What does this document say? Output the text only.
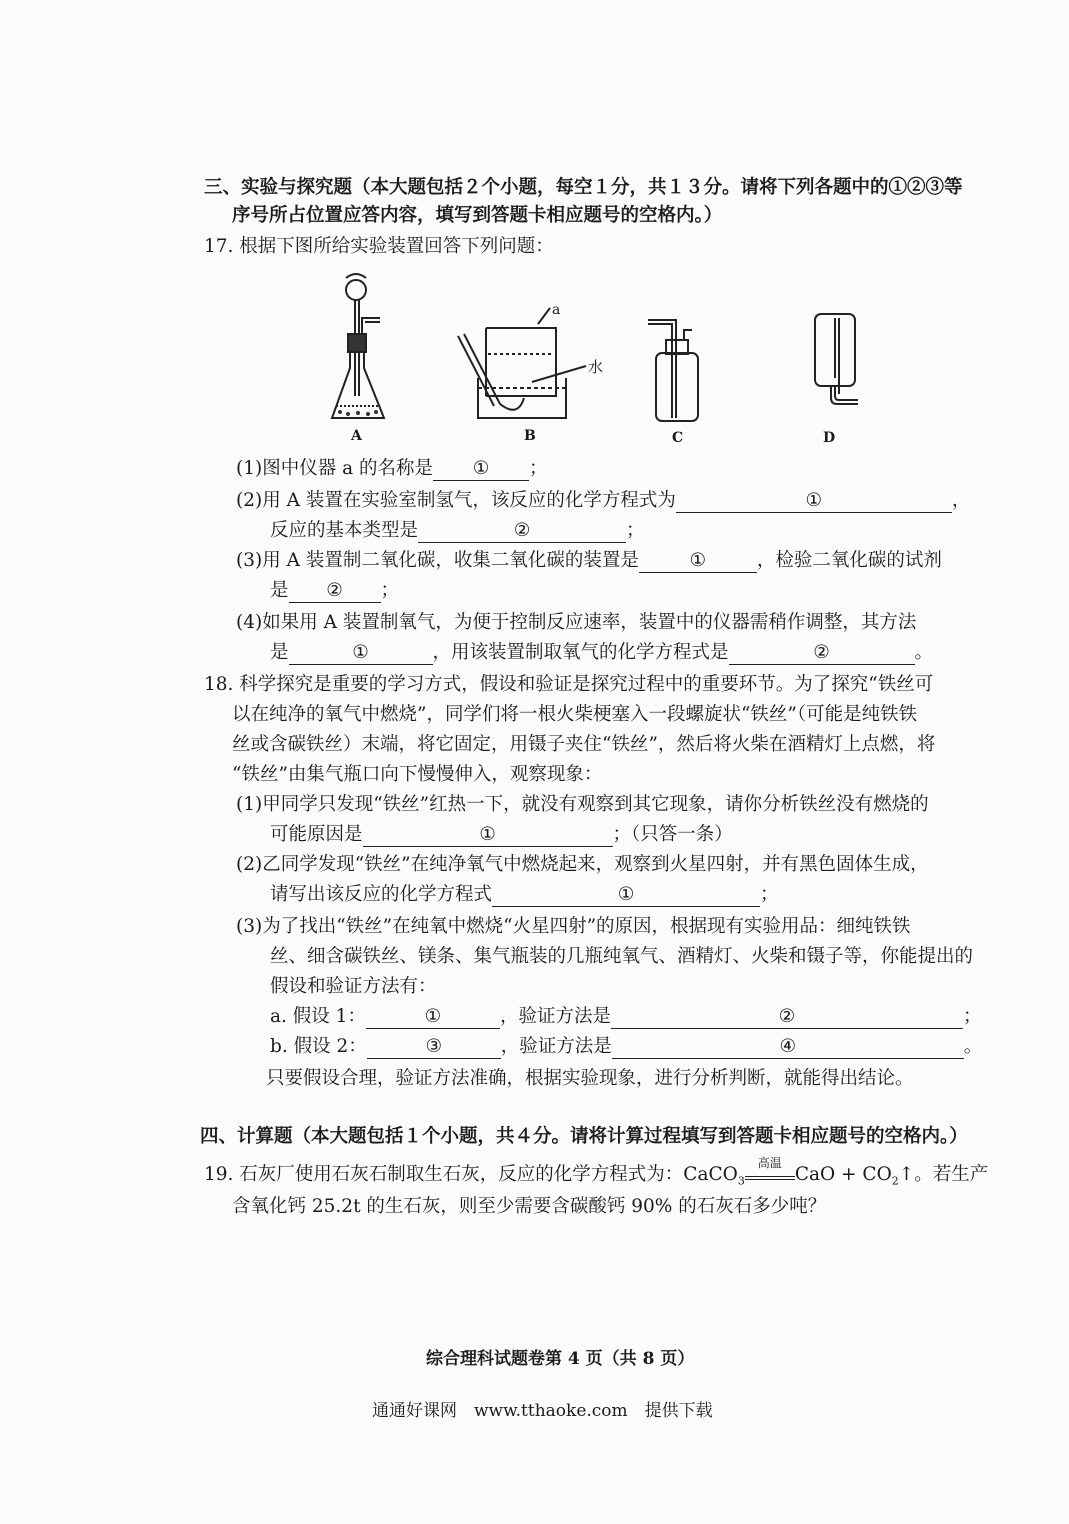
三、实验与探究题（本大题包括２个小题，每空１分，共１３分。请将下列各题中的①②③等
序号所占位置应答内容，填写到答题卡相应题号的空格内。）
17. 根据下图所给实验装置回答下列问题：
A	B	C	D
a
水
(1)图中仪器 a 的名称是 ① ；
(2)用 A 装置在实验室制氢气，该反应的化学方程式为	①	，
反应的基本类型是	②	；
(3)用 A 装置制二氧化碳，收集二氧化碳的装置是	①	，检验二氧化碳的试剂
是 ② ；
(4)如果用 A 装置制氧气，为便于控制反应速率，装置中的仪器需稍作调整，其方法
是	①	，用该装置制取氧气的化学方程式是	②	。
18. 科学探究是重要的学习方式，假设和验证是探究过程中的重要环节。为了探究“铁丝可
以在纯净的氧气中燃烧”，同学们将一根火柴梗塞入一段螺旋状“铁丝”（可能是纯铁铁
丝或含碳铁丝）末端，将它固定，用镊子夹住“铁丝”，然后将火柴在酒精灯上点燃，将
“铁丝”由集气瓶口向下慢慢伸入，观察现象：
(1)甲同学只发现“铁丝”红热一下，就没有观察到其它现象，请你分析铁丝没有燃烧的
可能原因是	①	；（只答一条）
(2)乙同学发现“铁丝”在纯净氧气中燃烧起来，观察到火星四射，并有黑色固体生成，
请写出该反应的化学方程式	①	；
(3)为了找出“铁丝”在纯氧中燃烧“火星四射”的原因，根据现有实验用品：细纯铁铁
丝、细含碳铁丝、镁条、集气瓶装的几瓶纯氧气、酒精灯、火柴和镊子等，你能提出的
假设和验证方法有：
a. 假设 1：	①	，验证方法是	②	；
b. 假设 2：	③	，验证方法是	④	。
只要假设合理，验证方法准确，根据实验现象，进行分析判断，就能得出结论。
四、计算题（本大题包括１个小题，共４分。请将计算过程填写到答题卡相应题号的空格内。）
19. 石灰厂使用石灰石制取生石灰，反应的化学方程式为：CaCO$_3$
高温
CaO + $CO_2↑$。若生产
含氧化钙 25.2t 的生石灰，则至少需要含碳酸钙 90% 的石灰石多少吨？
综合理科试题卷第 4 页（共 8 页）
通通好课网　www.tthaoke.com　提供下载
